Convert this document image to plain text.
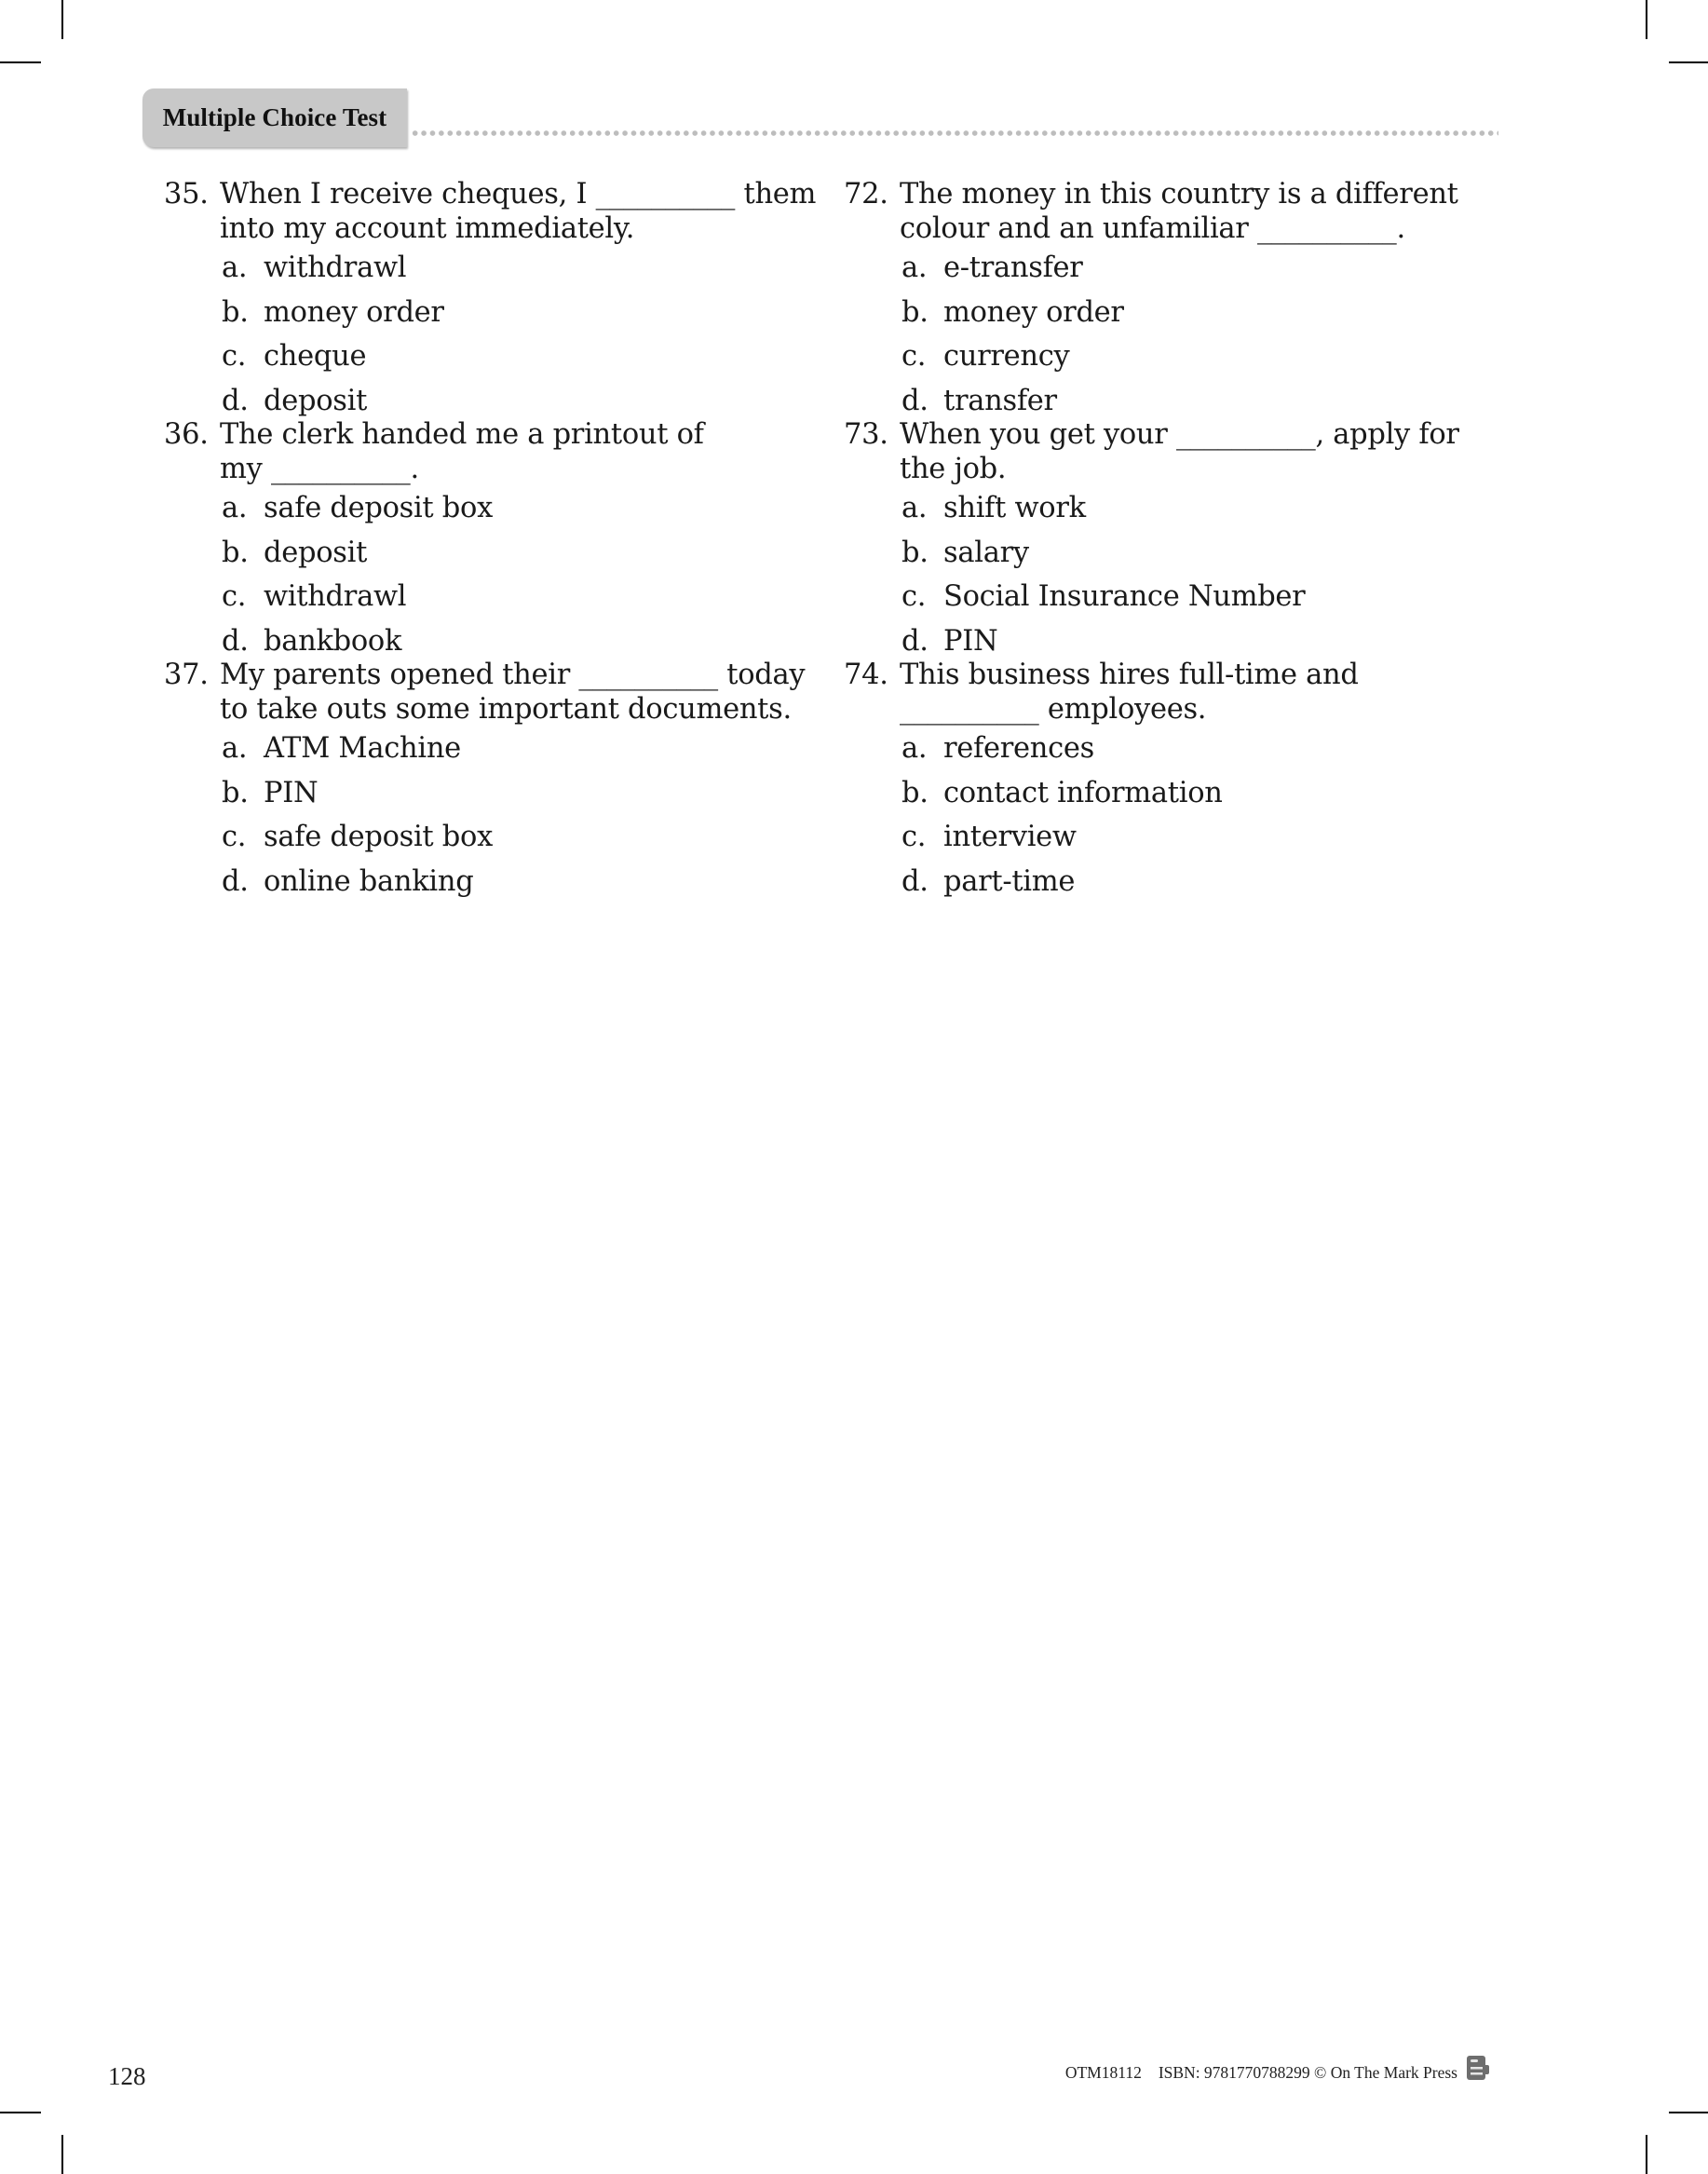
Multiple Choice Test
35. When I receive cheques, I __________ them into my account immediately.
a. withdrawl
b. money order
c. cheque
d. deposit
36. The clerk handed me a printout of my __________.
a. safe deposit box
b. deposit
c. withdrawl
d. bankbook
37. My parents opened their __________ today to take outs some important documents.
a. ATM Machine
b. PIN
c. safe deposit box
d. online banking
72. The money in this country is a different colour and an unfamiliar __________.
a. e-transfer
b. money order
c. currency
d. transfer
73. When you get your __________, apply for the job.
a. shift work
b. salary
c. Social Insurance Number
d. PIN
74. This business hires full-time and __________ employees.
a. references
b. contact information
c. interview
d. part-time
128	OTM18112 ISBN: 9781770788299 © On The Mark Press
